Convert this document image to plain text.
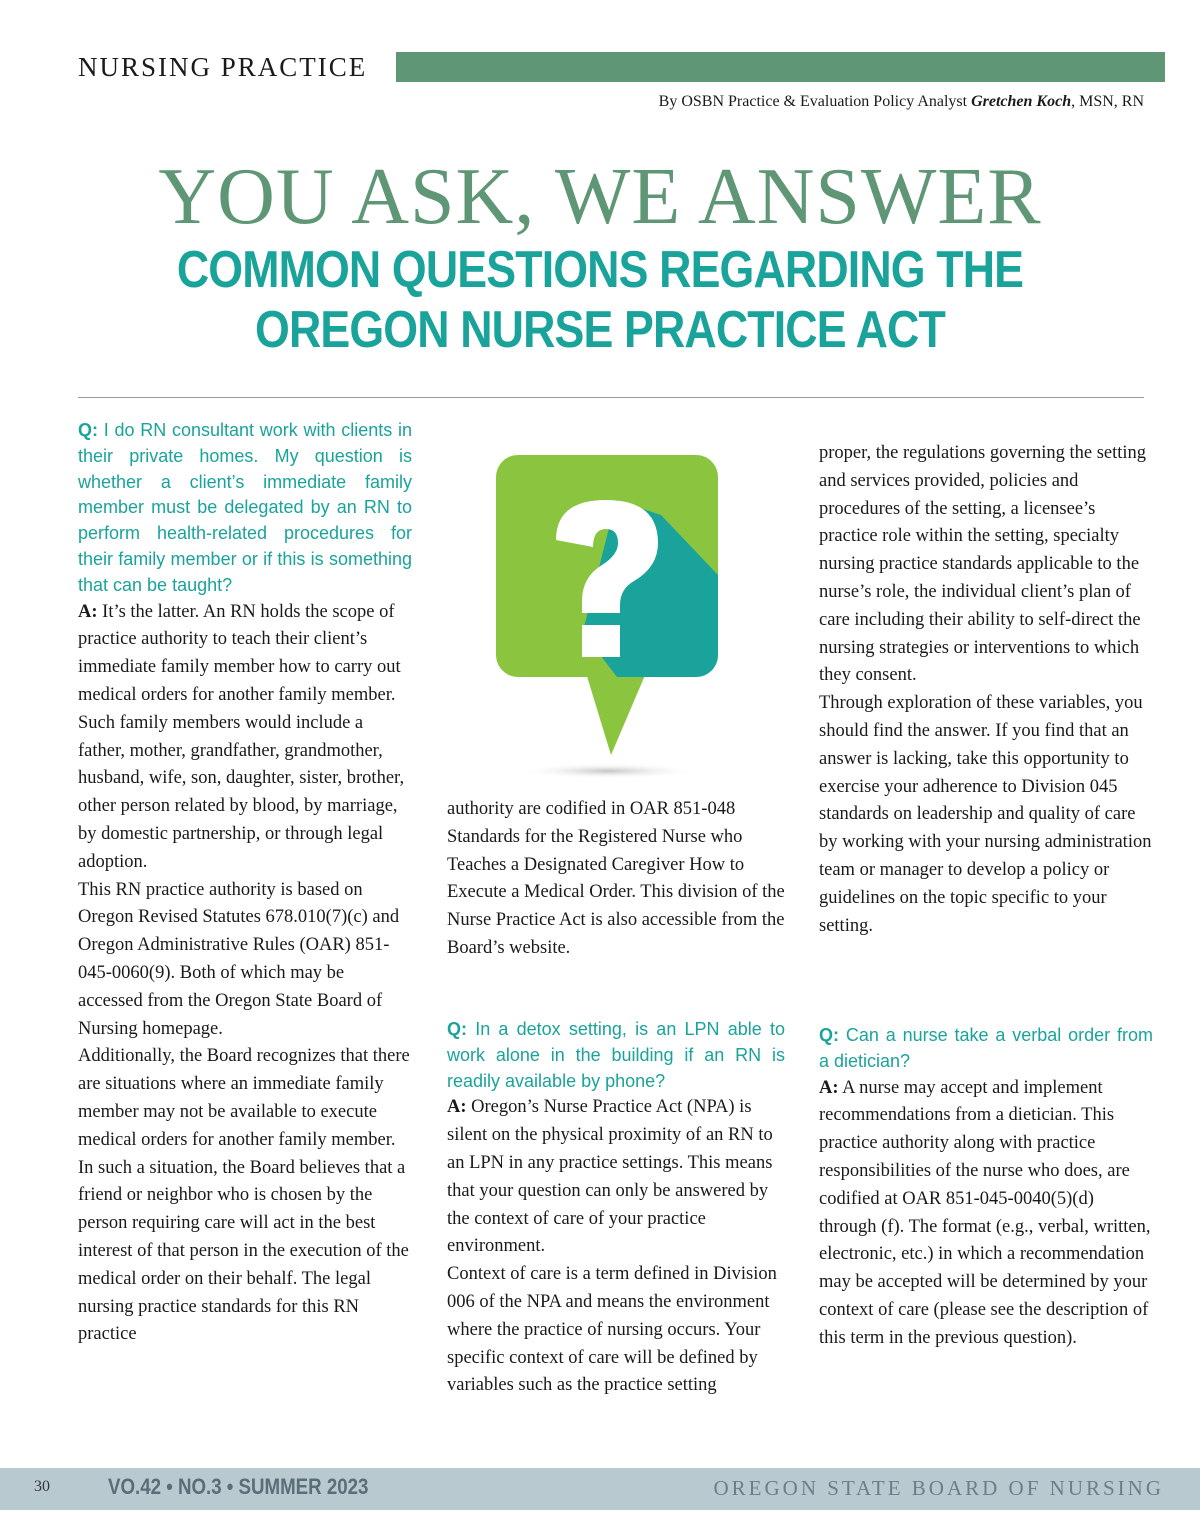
NURSING PRACTICE
By OSBN Practice & Evaluation Policy Analyst Gretchen Koch, MSN, RN
YOU ASK, WE ANSWER
COMMON QUESTIONS REGARDING THE
OREGON NURSE PRACTICE ACT

Q: I do RN consultant work with clients in their private homes. My question is whether a client’s immediate family member must be delegated by an RN to perform health-related procedures for their family member or if this is something that can be taught?

A: It’s the latter. An RN holds the scope of practice authority to teach their client’s immediate family member how to carry out medical orders for another family member. Such family members would include a father, mother, grandfather, grandmother, husband, wife, son, daughter, sister, brother, other person related by blood, by marriage, by domestic partnership, or through legal adoption.

This RN practice authority is based on Oregon Revised Statutes 678.010(7)(c) and Oregon Administrative Rules (OAR) 851-045-0060(9). Both of which may be accessed from the Oregon State Board of Nursing homepage.

Additionally, the Board recognizes that there are situations where an immediate family member may not be available to execute medical orders for another family member. In such a situation, the Board believes that a friend or neighbor who is chosen by the person requiring care will act in the best interest of that person in the execution of the medical order on their behalf. The legal nursing practice standards for this RN practice

authority are codified in OAR 851-048 Standards for the Registered Nurse who Teaches a Designated Caregiver How to Execute a Medical Order. This division of the Nurse Practice Act is also accessible from the Board’s website.

Q: In a detox setting, is an LPN able to work alone in the building if an RN is readily available by phone?

A: Oregon’s Nurse Practice Act (NPA) is silent on the physical proximity of an RN to an LPN in any practice settings. This means that your question can only be answered by the context of care of your practice environment.

Context of care is a term defined in Division 006 of the NPA and means the environment where the practice of nursing occurs. Your specific context of care will be defined by variables such as the practice setting

proper, the regulations governing the setting and services provided, policies and procedures of the setting, a licensee’s practice role within the setting, specialty nursing practice standards applicable to the nurse’s role, the individual client’s plan of care including their ability to self-direct the nursing strategies or interventions to which they consent.

Through exploration of these variables, you should find the answer. If you find that an answer is lacking, take this opportunity to exercise your adherence to Division 045 standards on leadership and quality of care by working with your nursing administration team or manager to develop a policy or guidelines on the topic specific to your setting.

Q: Can a nurse take a verbal order from a dietician?

A: A nurse may accept and implement recommendations from a dietician. This practice authority along with practice responsibilities of the nurse who does, are codified at OAR 851-045-0040(5)(d) through (f). The format (e.g., verbal, written, electronic, etc.) in which a recommendation may be accepted will be determined by your context of care (please see the description of this term in the previous question).

30	VO.42 • NO.3 • SUMMER 2023	OREGON STATE BOARD OF NURSING
